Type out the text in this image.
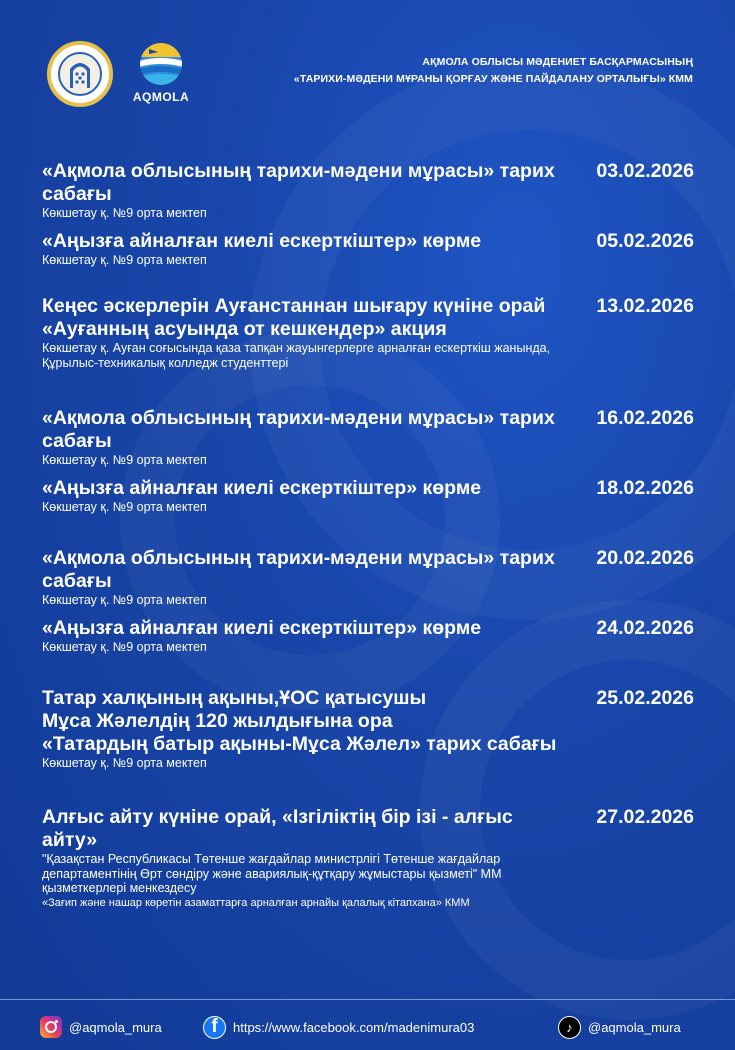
AQMOLA
АҚМОЛА ОБЛЫСЫ МӘДЕНИЕТ БАСҚАРМАСЫНЫҢ
«ТАРИХИ-МӘДЕНИ МҰРАНЫ ҚОРҒАУ ЖӘНЕ ПАЙДАЛАНУ ОРТАЛЫҒЫ» КММ
«Ақмола облысының тарихи-мәдени мұрасы» тарих сабағы
Көкшетау қ. №9 орта мектеп
03.02.2026
«Аңызға айналған киелі ескерткіштер» көрме
Көкшетау қ. №9 орта мектеп
05.02.2026
Кеңес әскерлерін Ауғанстаннан шығару күніне орай
«Ауғанның асуында от кешкендер» акция
Көкшетау қ. Ауған соғысында қаза тапқан жауынгерлерге арналған ескерткіш жанында, Құрылыс-техникалық колледж студенттері
13.02.2026
«Ақмола облысының тарихи-мәдени мұрасы» тарих сабағы
Көкшетау қ. №9 орта мектеп
16.02.2026
«Аңызға айналған киелі ескерткіштер» көрме
Көкшетау қ. №9 орта мектеп
18.02.2026
«Ақмола облысының тарихи-мәдени мұрасы» тарих сабағы
Көкшетау қ. №9 орта мектеп
20.02.2026
«Аңызға айналған киелі ескерткіштер» көрме
Көкшетау қ. №9 орта мектеп
24.02.2026
Татар халқының ақыны,ҰОС қатысушы
Мұса Жәлелдің 120 жылдығына ора
«Татардың батыр ақыны-Мұса Жәлел» тарих сабағы
Көкшетау қ. №9 орта мектеп
25.02.2026
Алғыс айту күніне орай, «Ізгіліктің бір ізі - алғыс айту»
"Қазақстан Республикасы Төтенше жағдайлар министрлігі Төтенше жағдайлар департаментінің Өрт сөндіру және авариялық-құтқару жұмыстары қызметі" ММ қызметкерлері менкездесу
«Зағип және нашар көретін азаматтарға арналған арнайы қалалық кітапхана» КММ
27.02.2026
@aqmola_mura	f	https://www.facebook.com/madenimura03	♪	@aqmola_mura
